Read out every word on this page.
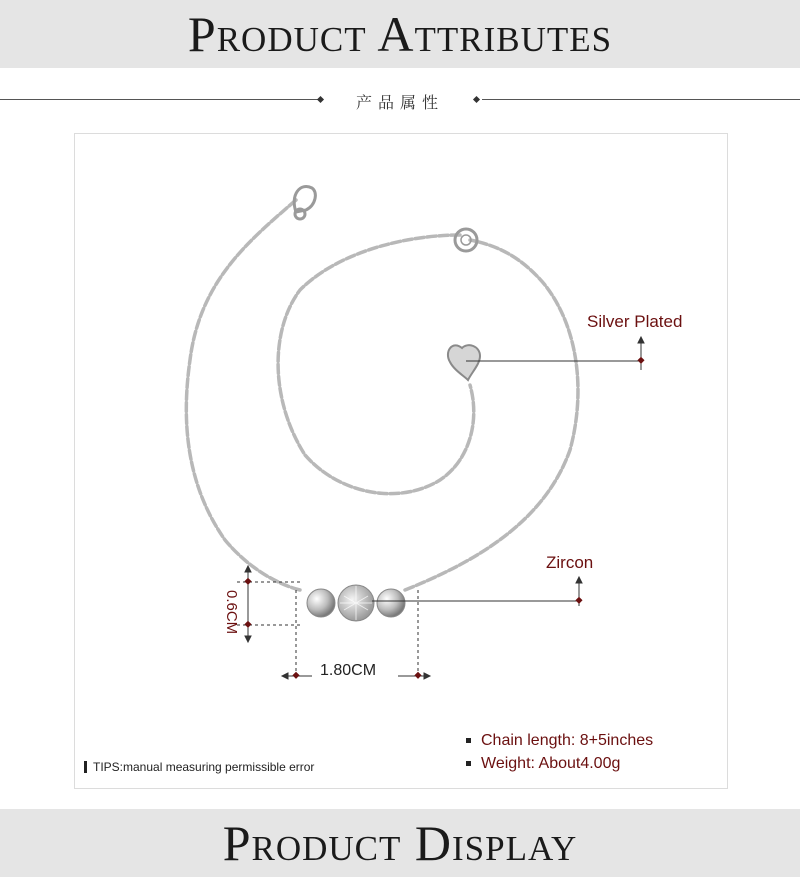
Product Attributes
产品属性
Silver Plated
Zircon
0.6CM
1.80CM
Chain length: 8+5inches
Weight: About4.00g
TIPS:manual measuring permissible error
Product Display
